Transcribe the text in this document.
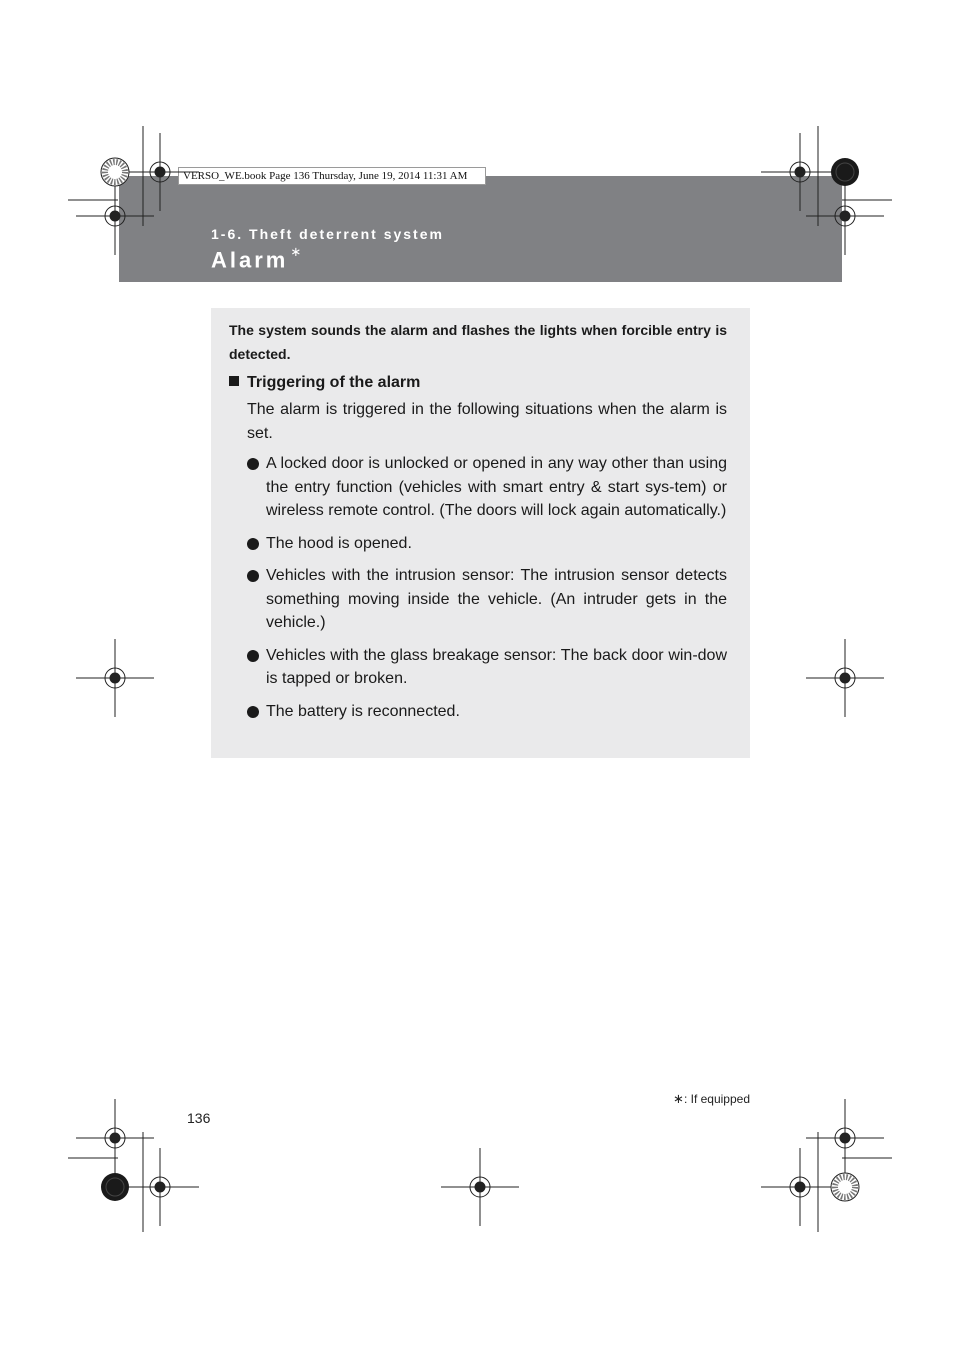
VERSO_WE.book Page 136 Thursday, June 19, 2014 11:31 AM
1-6. Theft deterrent system
Alarm ∗
The system sounds the alarm and flashes the lights when forcible entry is detected.
Triggering of the alarm
The alarm is triggered in the following situations when the alarm is set.
A locked door is unlocked or opened in any way other than using the entry function (vehicles with smart entry & start sys-tem) or wireless remote control. (The doors will lock again automatically.)
The hood is opened.
Vehicles with the intrusion sensor: The intrusion sensor detects something moving inside the vehicle. (An intruder gets in the vehicle.)
Vehicles with the glass breakage sensor: The back door win-dow is tapped or broken.
The battery is reconnected.
∗: If equipped
136
